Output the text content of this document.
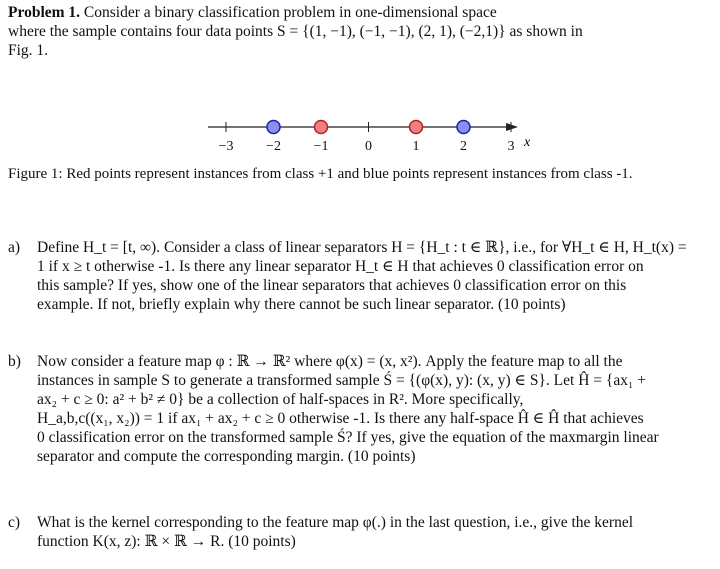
Problem 1. Consider a binary classification problem in one-dimensional space
where the sample contains four data points S = {(1, −1), (−1, −1), (2, 1), (−2,1)} as shown in
Fig. 1.
−3 −2 −1	0	1	2	3 x
Figure 1: Red points represent instances from class +1 and blue points represent instances from class -1.
a) Define H_t = [t, ∞). Consider a class of linear separators H = {H_t : t ∈ ℝ}, i.e., for ∀H_t ∈ H, H_t(x) =
1 if x ≥ t otherwise -1. Is there any linear separator H_t ∈ H that achieves 0 classification error on
this sample? If yes, show one of the linear separators that achieves 0 classification error on this
example. If not, briefly explain why there cannot be such linear separator. (10 points)
b) Now consider a feature map φ : ℝ → ℝ² where φ(x) = (x, x²). Apply the feature map to all the
instances in sample S to generate a transformed sample Ś = {(φ(x), y): (x, y) ∈ S}. Let Ĥ = {ax₁ +
ax₂ + c ≥ 0: a² + b² ≠ 0} be a collection of half-spaces in R². More specifically,
H_a,b,c((x₁, x₂)) = 1 if ax₁ + ax₂ + c ≥ 0 otherwise -1. Is there any half-space Ĥ ∈ Ĥ that achieves
0 classification error on the transformed sample Ś? If yes, give the equation of the maxmargin linear
separator and compute the corresponding margin. (10 points)
c) What is the kernel corresponding to the feature map φ(.) in the last question, i.e., give the kernel
function K(x, z): ℝ × ℝ → R. (10 points)
